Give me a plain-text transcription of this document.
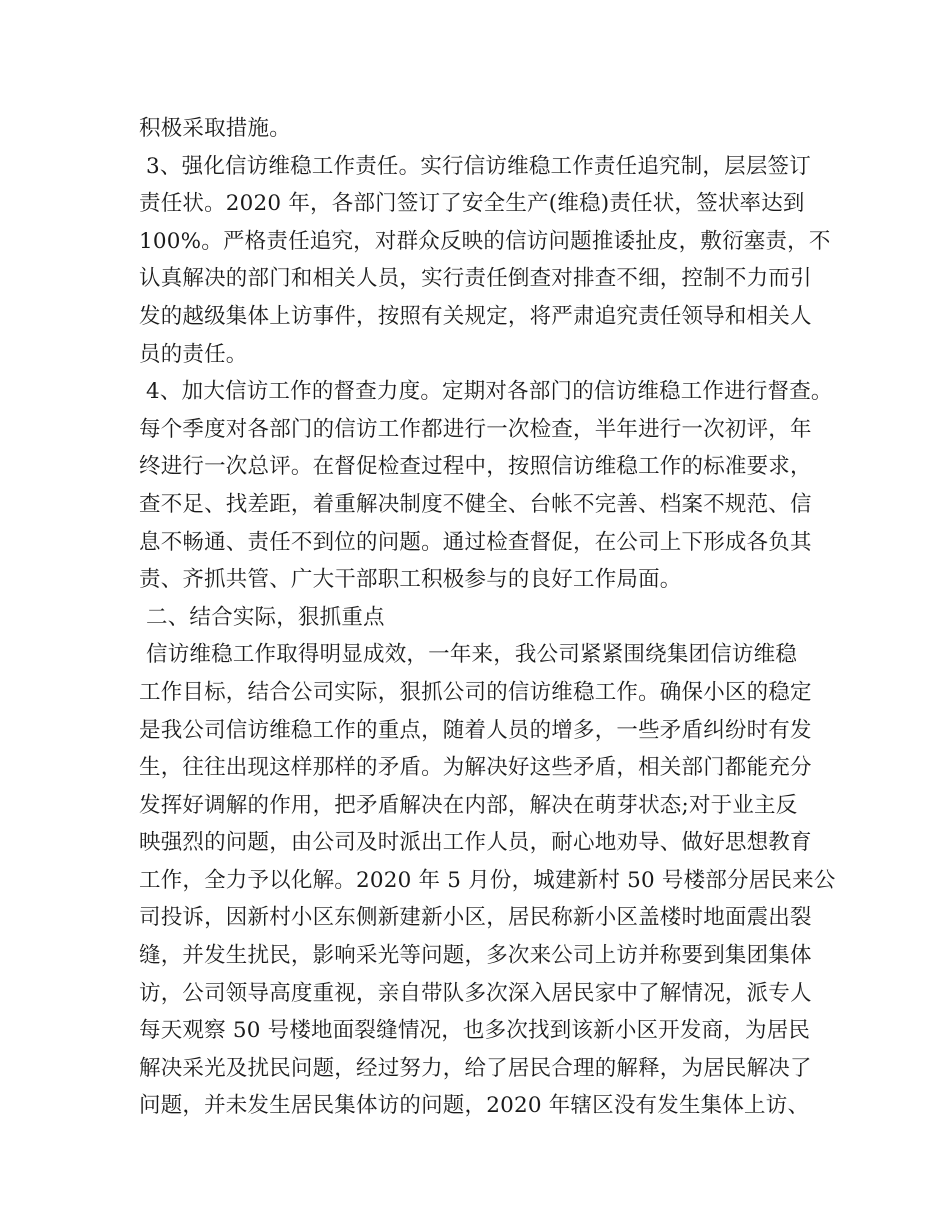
积极采取措施。
3、强化信访维稳工作责任。实行信访维稳工作责任追究制，层层签订
责任状。2020 年，各部门签订了安全生产(维稳)责任状，签状率达到
100%。严格责任追究，对群众反映的信访问题推诿扯皮，敷衍塞责，不
认真解决的部门和相关人员，实行责任倒查对排查不细，控制不力而引
发的越级集体上访事件，按照有关规定，将严肃追究责任领导和相关人
员的责任。
4、加大信访工作的督查力度。定期对各部门的信访维稳工作进行督查。
每个季度对各部门的信访工作都进行一次检查，半年进行一次初评，年
终进行一次总评。在督促检查过程中，按照信访维稳工作的标准要求，
查不足、找差距，着重解决制度不健全、台帐不完善、档案不规范、信
息不畅通、责任不到位的问题。通过检查督促，在公司上下形成各负其
责、齐抓共管、广大干部职工积极参与的良好工作局面。
二、结合实际，狠抓重点
信访维稳工作取得明显成效，一年来，我公司紧紧围绕集团信访维稳
工作目标，结合公司实际，狠抓公司的信访维稳工作。确保小区的稳定
是我公司信访维稳工作的重点，随着人员的增多，一些矛盾纠纷时有发
生，往往出现这样那样的矛盾。为解决好这些矛盾，相关部门都能充分
发挥好调解的作用，把矛盾解决在内部，解决在萌芽状态;对于业主反
映强烈的问题，由公司及时派出工作人员，耐心地劝导、做好思想教育
工作，全力予以化解。2020 年 5 月份，城建新村 50 号楼部分居民来公
司投诉，因新村小区东侧新建新小区，居民称新小区盖楼时地面震出裂
缝，并发生扰民，影响采光等问题，多次来公司上访并称要到集团集体
访，公司领导高度重视，亲自带队多次深入居民家中了解情况，派专人
每天观察 50 号楼地面裂缝情况，也多次找到该新小区开发商，为居民
解决采光及扰民问题，经过努力，给了居民合理的解释，为居民解决了
问题，并未发生居民集体访的问题，2020 年辖区没有发生集体上访、
